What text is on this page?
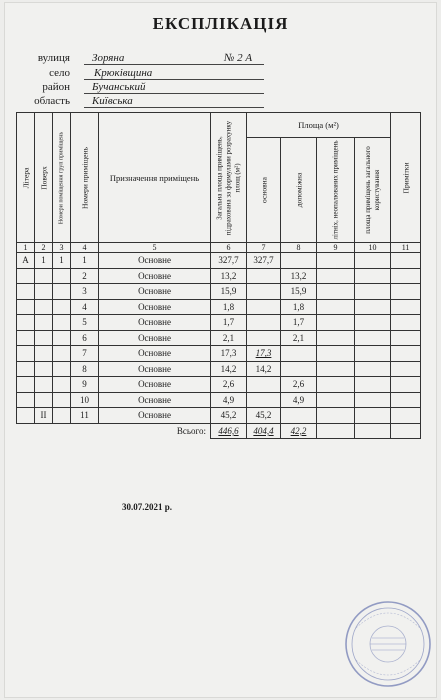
ЕКСПЛІКАЦІЯ
вулиця Зоряна	№ 2 А
село Крюківщина
район Бучанський
область Київська
Літера	Поверх	Номери поміщення груп приміщень	Номери приміщень	Призначення приміщень	Загальна площа приміщень, підрахована за формулами розрахунку площ (м²)	Площа (м²)				Примітки

						основна	допоміжна	літніх, неопалюваних приміщень	площа приміщень загального користування	

1	2	3	4	5	6	7	8	9	10	11
А	1	1	1	Основне	327,7	327,7				
			2	Основне	13,2		13,2			
			3	Основне	15,9		15,9			
			4	Основне	1,8		1,8			
			5	Основне	1,7		1,7			
			6	Основне	2,1		2,1			
			7	Основне	17,3	17,3				
			8	Основне	14,2	14,2				
			9	Основне	2,6		2,6			
			10	Основне	4,9		4,9			
	II		11	Основне	45,2	45,2				
Всього:					446,6	404,4	42,2			
30.07.2021 р.
